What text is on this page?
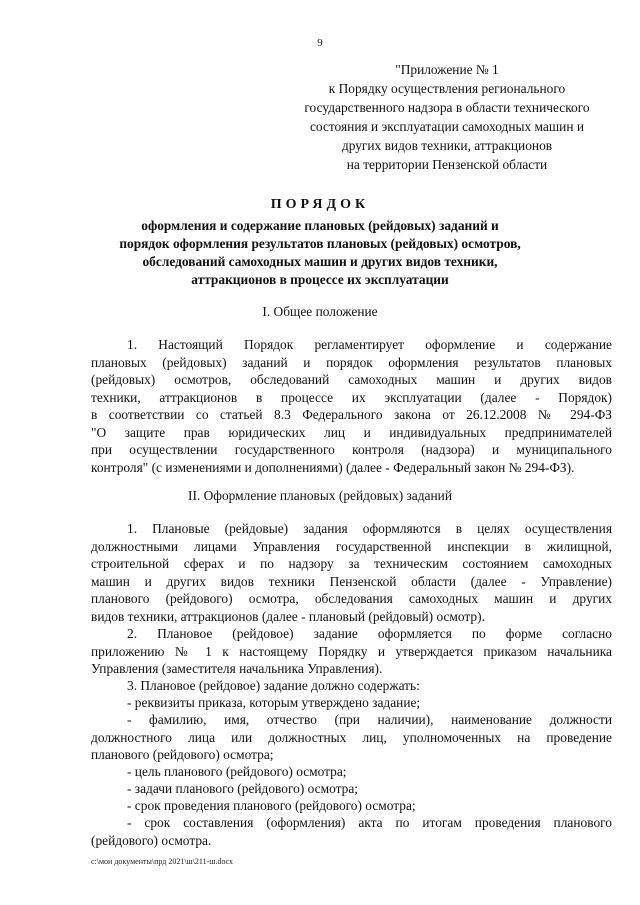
9
"Приложение № 1
к Порядку осуществления регионального
государственного надзора в области технического
состояния и эксплуатации самоходных машин и
других видов техники, аттракционов
на территории Пензенской области
ПОРЯДОК
оформления и содержание плановых (рейдовых) заданий и
порядок оформления результатов плановых (рейдовых) осмотров,
обследований самоходных машин и других видов техники,
аттракционов в процессе их эксплуатации
I. Общее положение
1. Настоящий Порядок регламентирует оформление и содержание
плановых (рейдовых) заданий и порядок оформления результатов плановых
(рейдовых) осмотров, обследований самоходных машин и других видов
техники, аттракционов в процессе их эксплуатации (далее - Порядок)
в соответствии со статьей 8.3 Федерального закона от 26.12.2008 № 294-ФЗ
"О защите прав юридических лиц и индивидуальных предпринимателей
при осуществлении государственного контроля (надзора) и муниципального
контроля" (с изменениями и дополнениями) (далее - Федеральный закон № 294-ФЗ).
II. Оформление плановых (рейдовых) заданий
1. Плановые (рейдовые) задания оформляются в целях осуществления
должностными лицами Управления государственной инспекции в жилищной,
строительной сферах и по надзору за техническим состоянием самоходных
машин и других видов техники Пензенской области (далее - Управление)
планового (рейдового) осмотра, обследования самоходных машин и других
видов техники, аттракционов (далее - плановый (рейдовый) осмотр).
2. Плановое (рейдовое) задание оформляется по форме согласно
приложению № 1 к настоящему Порядку и утверждается приказом начальника
Управления (заместителя начальника Управления).
3. Плановое (рейдовое) задание должно содержать:
- реквизиты приказа, которым утверждено задание;
- фамилию, имя, отчество (при наличии), наименование должности
должностного лица или должностных лиц, уполномоченных на проведение
планового (рейдового) осмотра;
- цель планового (рейдового) осмотра;
- задачи планового (рейдового) осмотра;
- срок проведения планового (рейдового) осмотра;
- срок составления (оформления) акта по итогам проведения планового
(рейдового) осмотра.
c:\мои документы\прд 2021\ш\211-ш.docx
